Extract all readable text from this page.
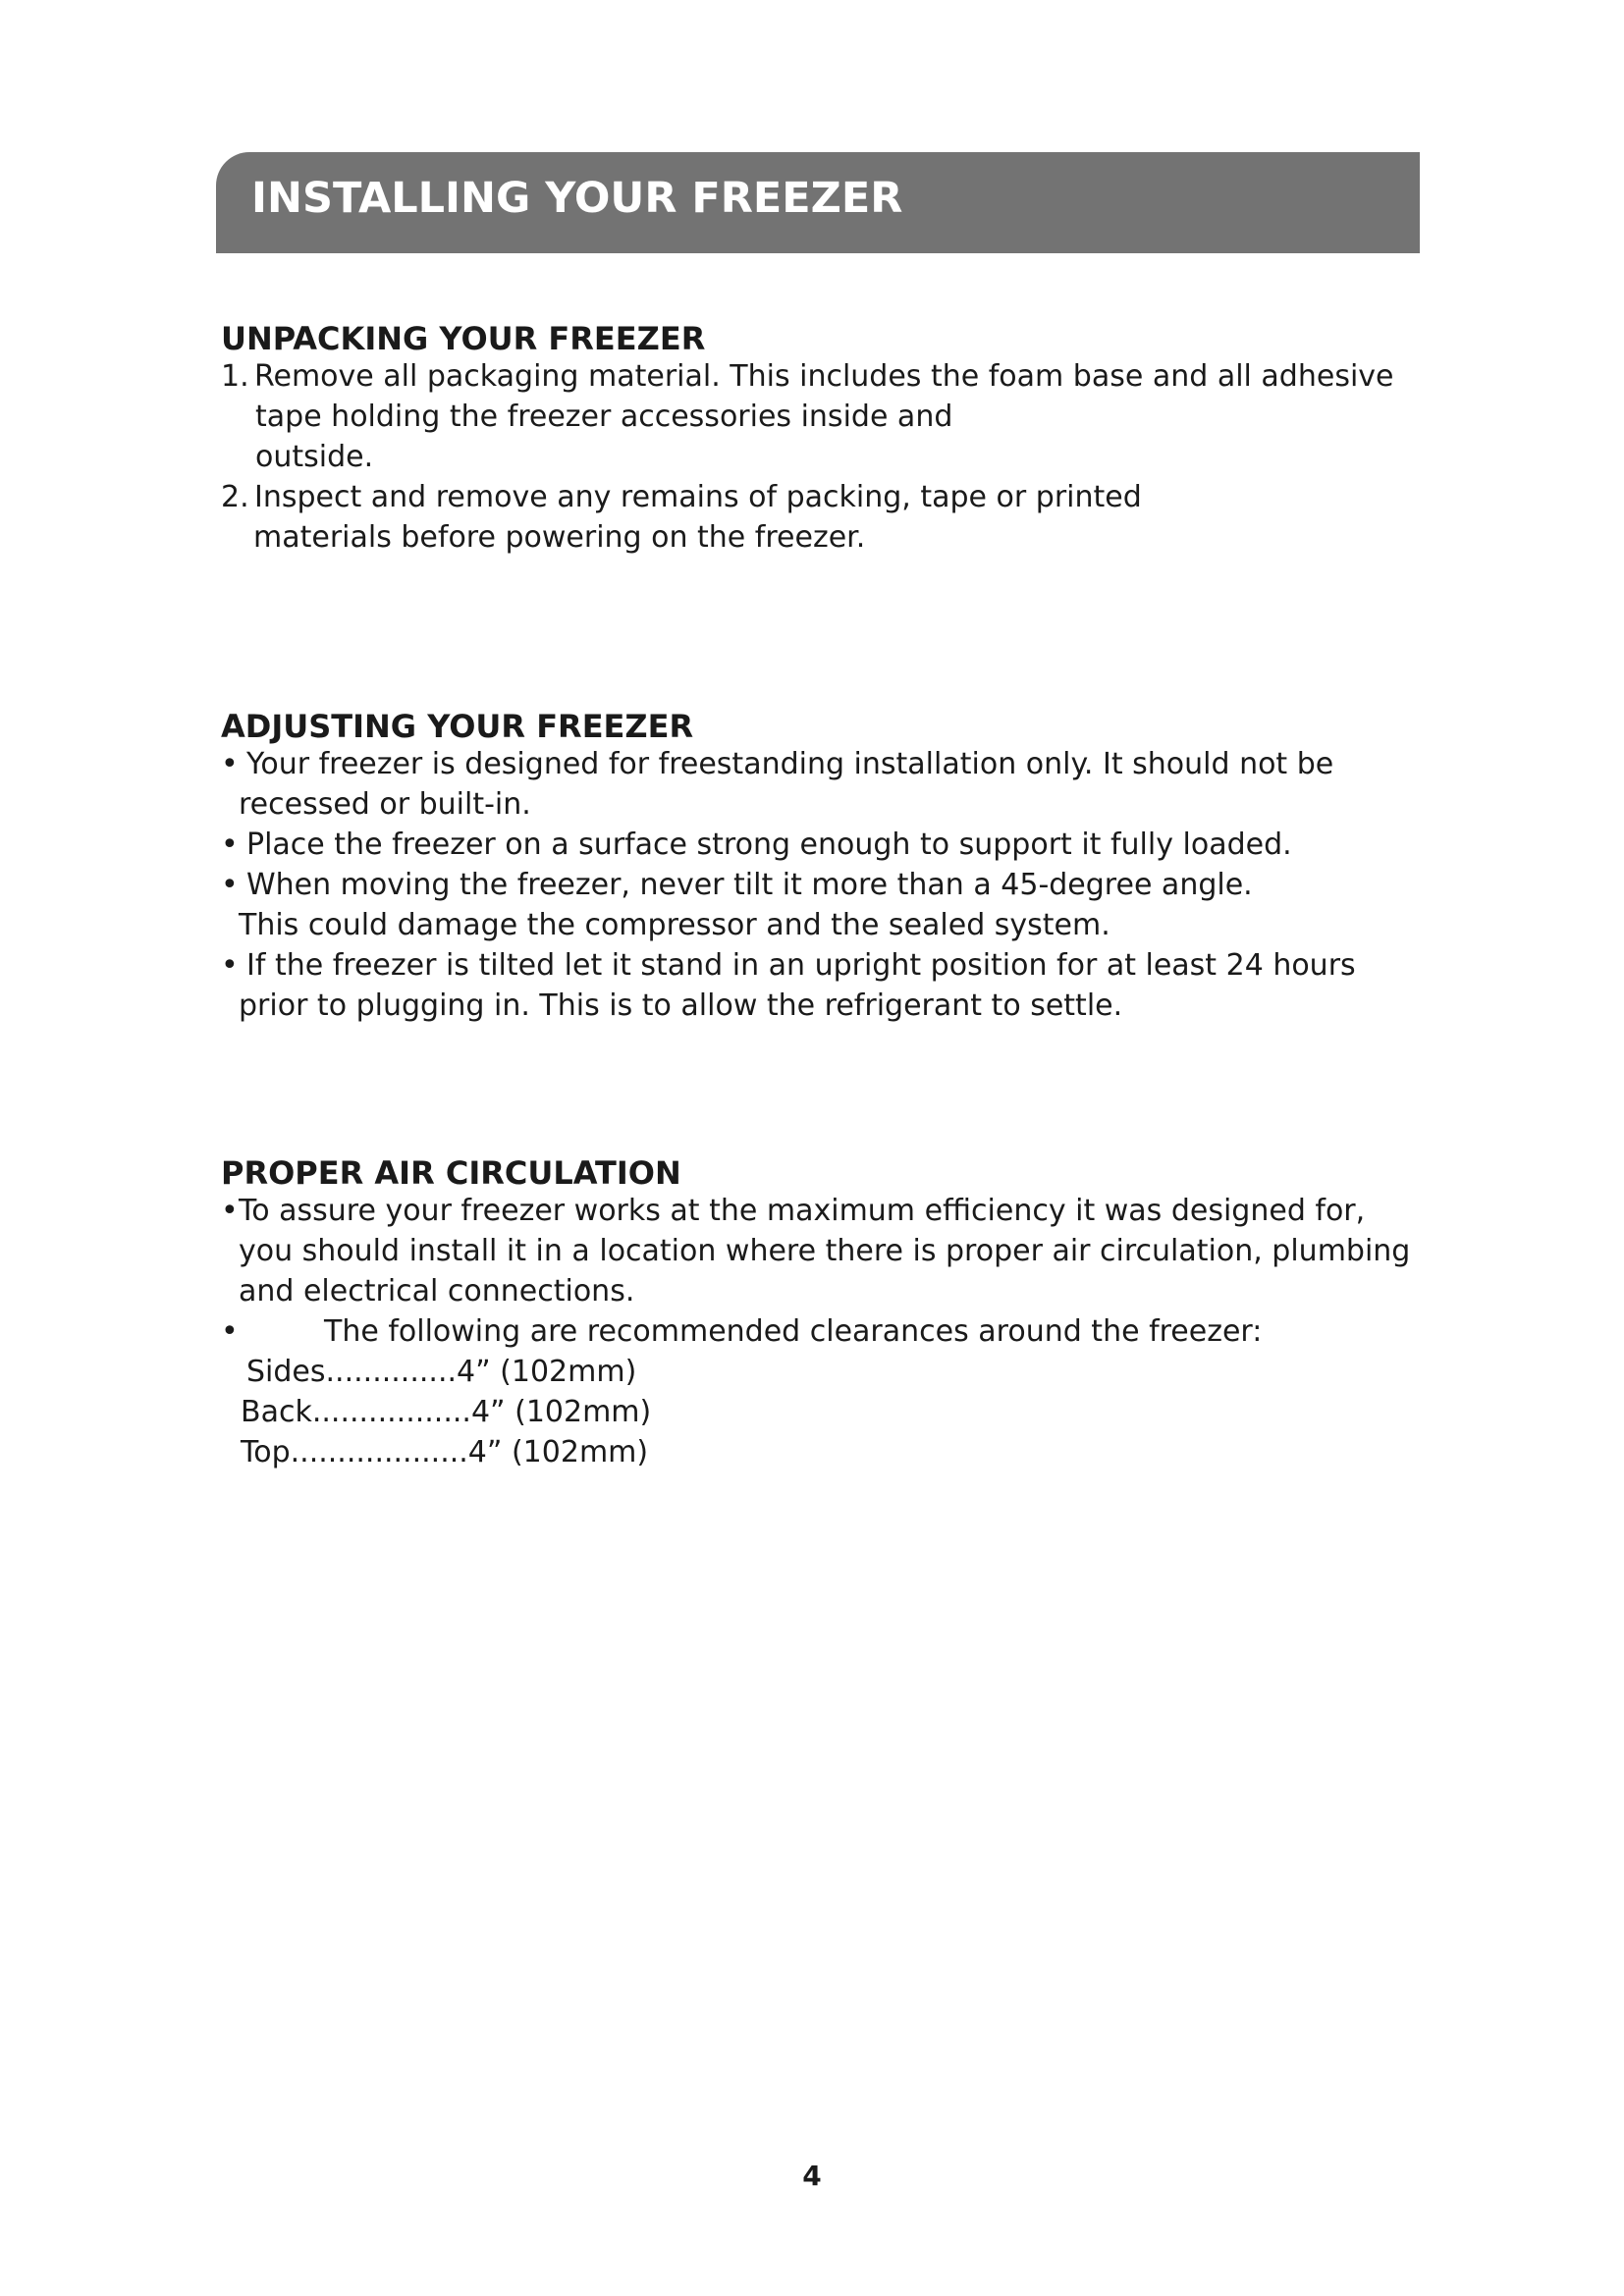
INSTALLING YOUR FREEZER
UNPACKING YOUR FREEZER
1. Remove all packaging material. This includes the foam base and all adhesive
tape holding the freezer accessories inside and
outside.
2. Inspect and remove any remains of packing, tape or printed
materials before powering on the freezer.
ADJUSTING YOUR FREEZER
• Your freezer is designed for freestanding installation only. It should not be
recessed or built-in.
• Place the freezer on a surface strong enough to support it fully loaded.
• When moving the freezer, never tilt it more than a 45-degree angle.
This could damage the compressor and the sealed system.
• If the freezer is tilted let it stand in an upright position for at least 24 hours
prior to plugging in. This is to allow the refrigerant to settle.
PROPER AIR CIRCULATION
•To assure your freezer works at the maximum efficiency it was designed for,
you should install it in a location where there is proper air circulation, plumbing
and electrical connections.
•	The following are recommended clearances around the freezer:
Sides..............4” (102mm)
Back.................4” (102mm)
Top...................4” (102mm)
4
